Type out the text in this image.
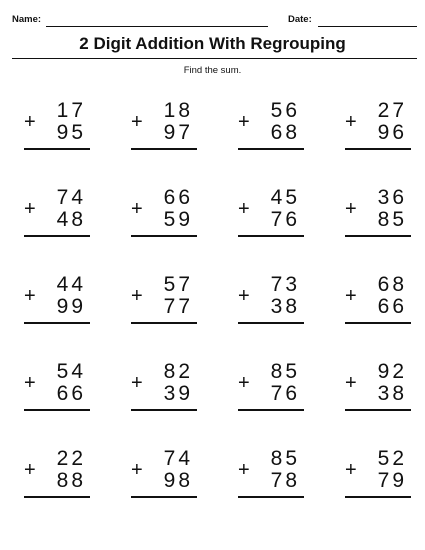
Name:	Date:
2 Digit Addition With Regrouping
Find the sum.
+ 17
95 + 18
97 + 56
68 + 27
96
+ 74
48 + 66
59 + 45
76 + 36
85
+ 44
99 + 57
77 + 73
38 + 68
66
+ 54
66 + 82
39 + 85
76 + 92
38
+ 22
88 + 74
98 + 85
78 + 52
79
